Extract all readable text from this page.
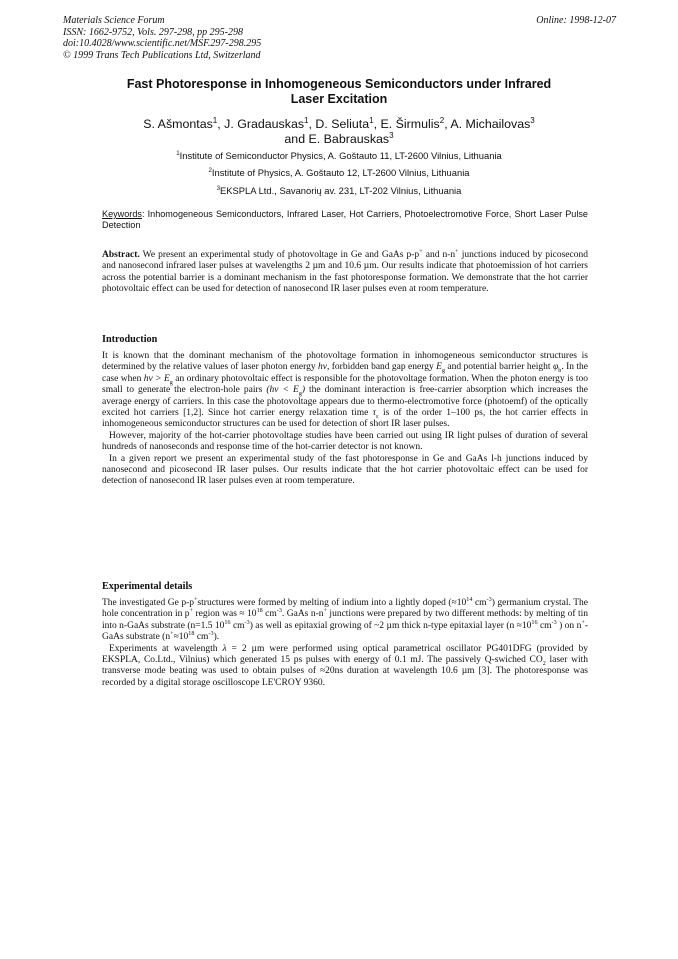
Materials Science Forum
ISSN: 1662-9752, Vols. 297-298, pp 295-298
doi:10.4028/www.scientific.net/MSF.297-298.295
© 1999 Trans Tech Publications Ltd, Switzerland
Online: 1998-12-07
Fast Photoresponse in Inhomogeneous Semiconductors under Infrared
Laser Excitation
S. Ašmontas$^1$, J. Gradauskas$^1$, D. Seliuta$^1$, E. Širmulis$^2$, A. Michailovas$^3$
and E. Babrauskas$^3$
$^1$Institute of Semiconductor Physics, A. Goštauto 11, LT-2600 Vilnius, Lithuania
$^2$Institute of Physics, A. Goštauto 12, LT-2600 Vilnius, Lithuania
$^3$EKSPLA Ltd., Savanorių av. 231, LT-202 Vilnius, Lithuania
Keywords: Inhomogeneous Semiconductors, Infrared Laser, Hot Carriers, Photoelectromotive Force, Short Laser Pulse Detection

Abstract. We present an experimental study of photovoltage in Ge and GaAs p-p+ and n-n+ junctions induced by picosecond and nanosecond infrared laser pulses at wavelengths 2 µm and 10.6 µm. Our results indicate that photoemission of hot carriers across the potential barrier is a dominant mechanism in the fast photoresponse formation. We demonstrate that the hot carrier photovoltaic effect can be used for detection of nanosecond IR laser pulses even at room temperature.

Introduction

It is known that the dominant mechanism of the photovoltage formation in inhomogeneous semiconductor structures is determined by the relative values of laser photon energy hν, forbidden band gap energy $E_g$ and potential barrier height $\varphi_b$. In the case when $h\nu > E_g$ an ordinary photovoltaic effect is responsible for the photovoltage formation. When the photon energy is too small to generate the electron-hole pairs $(h\nu < E_g)$ the dominant interaction is free-carrier absorption which increases the average energy of carriers. In this case the photovoltage appears due to thermo-electromotive force (photoemf) of the optically excited hot carriers [1,2]. Since hot carrier energy relaxation time $\tau_\varepsilon$ is of the order 1–100 ps, the hot carrier effects in inhomogeneous semiconductor structures can be used for detection of short IR laser pulses.

However, majority of the hot-carrier photovoltage studies have been carried out using IR light pulses of duration of several hundreds of nanoseconds and response time of the hot-carrier detector is not known.

In a given report we present an experimental study of the fast photoresponse in Ge and GaAs l-h junctions induced by nanosecond and picosecond IR laser pulses. Our results indicate that the hot carrier photovoltaic effect can be used for detection of nanosecond IR laser pulses even at room temperature.

Experimental details

The investigated Ge p-p+structures were formed by melting of indium into a lightly doped ($\approx 10^{14}$ $cm^{-3}$) germanium crystal. The hole concentration in p+ region was ≈ $10^{18}$ $cm^{-3}$. GaAs n-n+ junctions were prepared by two different methods: by melting of tin into n-GaAs substrate (n=1.5 $10^{16}$ $cm^{-3}$) as well as epitaxial growing of ~2 µm thick n-type epitaxial layer ($n \approx 10^{16}$ $cm^{-3}$ ) on n+-GaAs substrate ($n^+\approx 10^{18}$ $cm^{-3}$).

Experiments at wavelength λ = 2 µm were performed using optical parametrical oscillator PG401DFG (provided by EKSPLA, Co.Ltd., Vilnius) which generated 15 ps pulses with energy of 0.1 mJ. The passively Q-swiched $CO_2$ laser with transverse mode beating was used to obtain pulses of ≈20ns duration at wavelength 10.6 µm [3]. The photoresponse was recorded by a digital storage oscilloscope LE'CROY 9360.
